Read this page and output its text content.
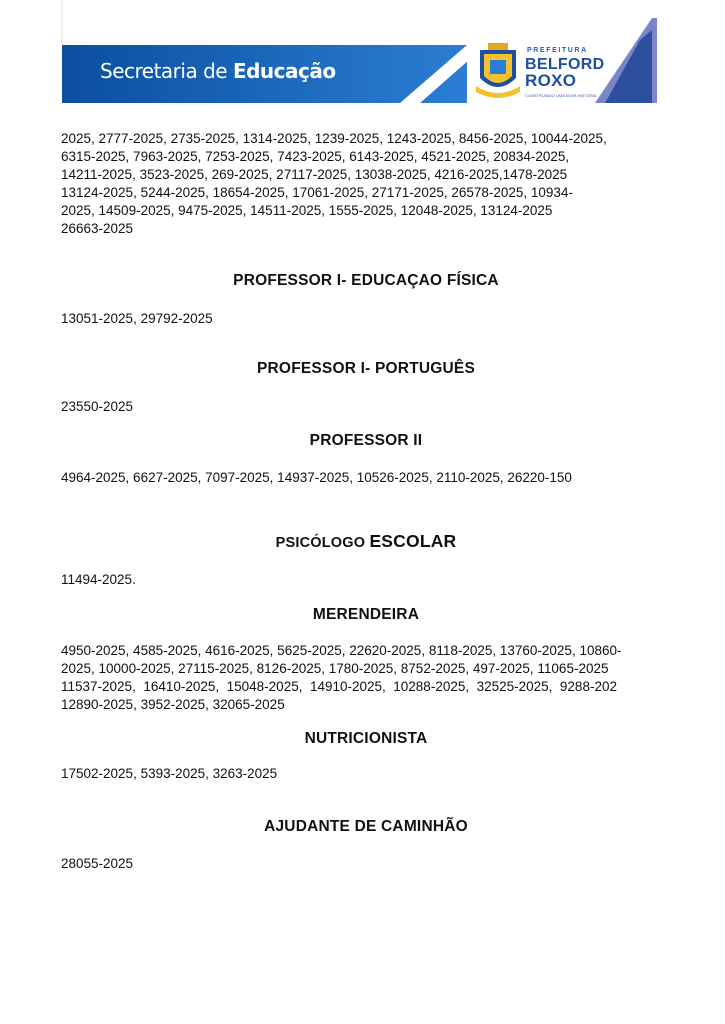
Secretaria de Educação
PREFEITURA
BELFORD
ROXO
CONSTRUINDO UMA NOVA HISTÓRIA

2025, 2777-2025, 2735-2025, 1314-2025, 1239-2025, 1243-2025, 8456-2025, 10044-2025,

6315-2025, 7963-2025, 7253-2025, 7423-2025, 6143-2025, 4521-2025, 20834-2025,

14211-2025, 3523-2025, 269-2025, 27117-2025, 13038-2025, 4216-2025,1478-2025

13124-2025, 5244-2025, 18654-2025, 17061-2025, 27171-2025, 26578-2025, 10934-

2025, 14509-2025, 9475-2025, 14511-2025, 1555-2025, 12048-2025, 13124-2025

26663-2025

PROFESSOR I- EDUCAÇAO FÍSICA

13051-2025, 29792-2025

PROFESSOR I- PORTUGUÊS

23550-2025

PROFESSOR II

4964-2025, 6627-2025, 7097-2025, 14937-2025, 10526-2025, 2110-2025, 26220-150

PSICÓLOGO ESCOLAR

11494-2025.

MERENDEIRA

4950-2025, 4585-2025, 4616-2025, 5625-2025, 22620-2025, 8118-2025, 13760-2025, 10860-

2025, 10000-2025, 27115-2025, 8126-2025, 1780-2025, 8752-2025, 497-2025, 11065-2025

11537-2025,  16410-2025,  15048-2025,  14910-2025,  10288-2025,  32525-2025,  9288-202

12890-2025, 3952-2025, 32065-2025

NUTRICIONISTA

17502-2025, 5393-2025, 3263-2025

AJUDANTE DE CAMINHÃO

28055-2025
